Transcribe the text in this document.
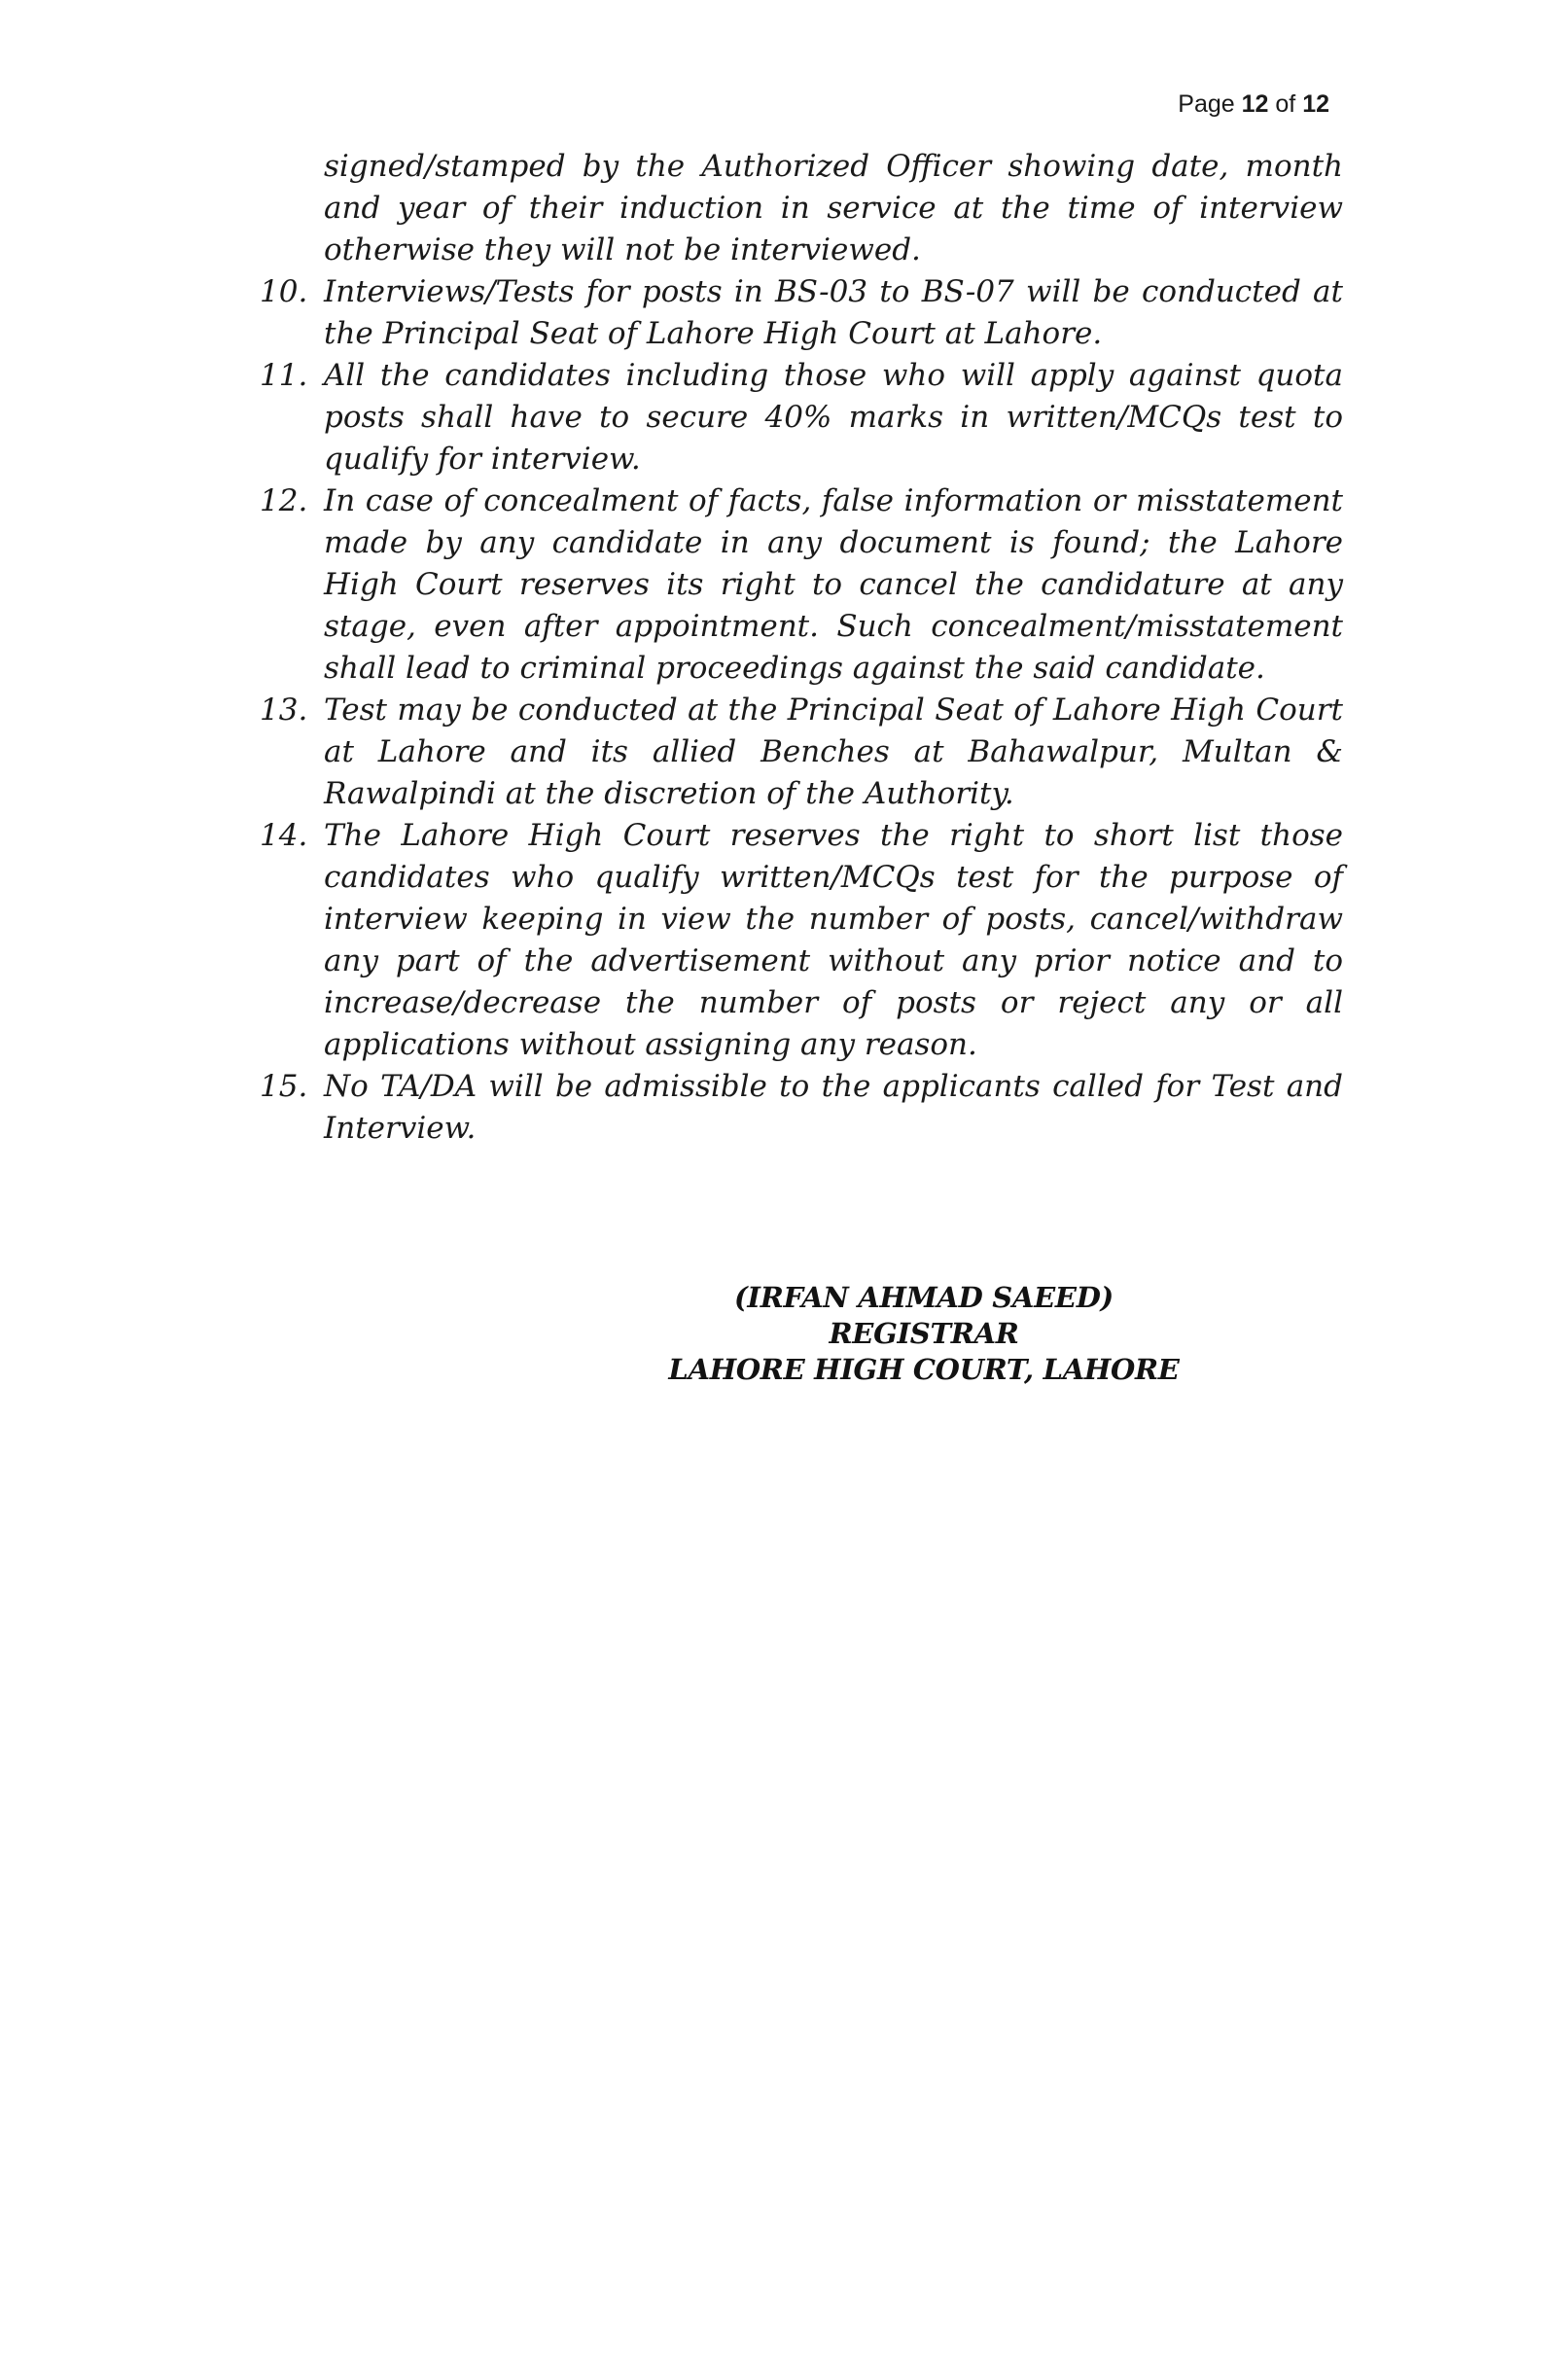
Page 12 of 12
signed/stamped by the Authorized Officer showing date, month and year of their induction in service at the time of interview otherwise they will not be interviewed.
10. Interviews/Tests for posts in BS-03 to BS-07 will be conducted at the Principal Seat of Lahore High Court at Lahore.
11. All the candidates including those who will apply against quota posts shall have to secure 40% marks in written/MCQs test to qualify for interview.
12. In case of concealment of facts, false information or misstatement made by any candidate in any document is found; the Lahore High Court reserves its right to cancel the candidature at any stage, even after appointment. Such concealment/misstatement shall lead to criminal proceedings against the said candidate.
13. Test may be conducted at the Principal Seat of Lahore High Court at Lahore and its allied Benches at Bahawalpur, Multan & Rawalpindi at the discretion of the Authority.
14. The Lahore High Court reserves the right to short list those candidates who qualify written/MCQs test for the purpose of interview keeping in view the number of posts, cancel/withdraw any part of the advertisement without any prior notice and to increase/decrease the number of posts or reject any or all applications without assigning any reason.
15. No TA/DA will be admissible to the applicants called for Test and Interview.
(IRFAN AHMAD SAEED)
REGISTRAR
LAHORE HIGH COURT, LAHORE
